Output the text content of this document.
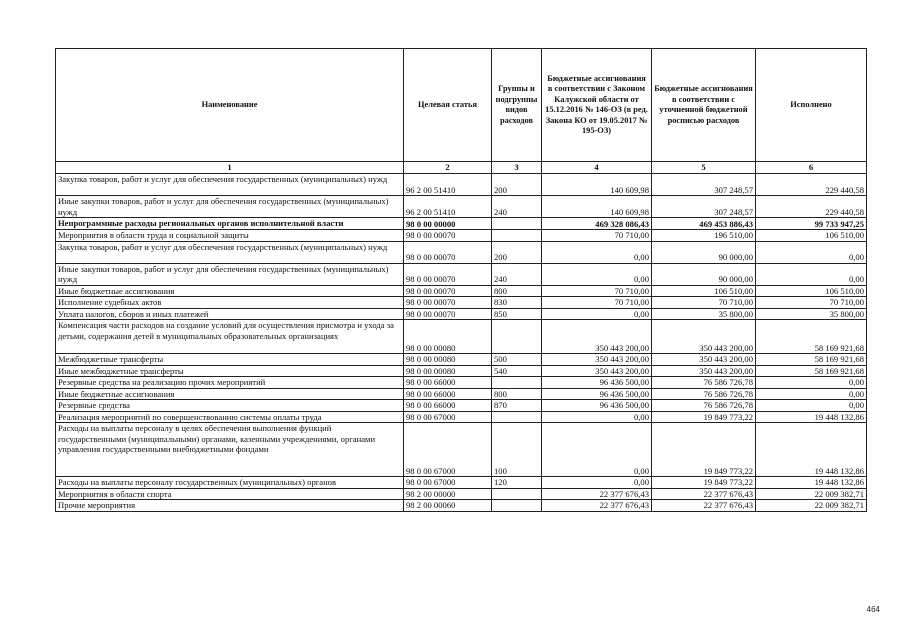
Наименование	Целевая статья	Группы и подгруппы видов расходов	Бюджетные ассигнования в соответствии с Законом Калужской области от 15.12.2016 № 146-ОЗ (в ред. Закона КО от 19.05.2017 № 195-ОЗ)	Бюджетные ассигнования в соответствии с уточненной бюджетной росписью расходов	Исполнено
1	2	3	4	5	6
Закупка товаров, работ и услуг для обеспечения государственных (муниципальных) нужд	96 2 00 51410	200	140 609,98	307 248,57	229 440,58
Иные закупки товаров, работ и услуг для обеспечения государственных (муниципальных) нужд	96 2 00 51410	240	140 609,98	307 248,57	229 440,58
Непрограммные расходы региональных органов исполнительной власти	98 0 00 00000		469 328 086,43	469 453 886,43	99 733 947,25
Мероприятия в области труда и социальной защиты	98 0 00 00070		70 710,00	196 510,00	106 510,00
Закупка товаров, работ и услуг для обеспечения государственных (муниципальных) нужд	98 0 00 00070	200	0,00	90 000,00	0,00
Иные закупки товаров, работ и услуг для обеспечения государственных (муниципальных) нужд	98 0 00 00070	240	0,00	90 000,00	0,00
Иные бюджетные ассигнования	98 0 00 00070	800	70 710,00	106 510,00	106 510,00
Исполнение судебных актов	98 0 00 00070	830	70 710,00	70 710,00	70 710,00
Уплата налогов, сборов и иных платежей	98 0 00 00070	850	0,00	35 800,00	35 800,00
Компенсация части расходов на создание условий для осуществления присмотра и ухода за детьми, содержания детей в муниципальных образовательных организациях	98 0 00 00080		350 443 200,00	350 443 200,00	58 169 921,68
Межбюджетные трансферты	98 0 00 00080	500	350 443 200,00	350 443 200,00	58 169 921,68
Иные межбюджетные трансферты	98 0 00 00080	540	350 443 200,00	350 443 200,00	58 169 921,68
Резервные средства на реализацию прочих мероприятий	98 0 00 66000		96 436 500,00	76 586 726,78	0,00
Иные бюджетные ассигнования	98 0 00 66000	800	96 436 500,00	76 586 726,78	0,00
Резервные средства	98 0 00 66000	870	96 436 500,00	76 586 726,78	0,00
Реализация мероприятий по совершенствованию системы оплаты труда	98 0 00 67000		0,00	19 849 773,22	19 448 132,86
Расходы на выплаты персоналу в целях обеспечения выполнения функций государственными (муниципальными) органами, казенными учреждениями, органами управления государственными внебюджетными фондами	98 0 00 67000	100	0,00	19 849 773,22	19 448 132,86
Расходы на выплаты персоналу государственных (муниципальных) органов	98 0 00 67000	120	0,00	19 849 773,22	19 448 132,86
Мероприятия в области спорта	98 2 00 00000		22 377 676,43	22 377 676,43	22 009 382,71
Прочие мероприятия	98 2 00 00060		22 377 676,43	22 377 676,43	22 009 382,71
464
